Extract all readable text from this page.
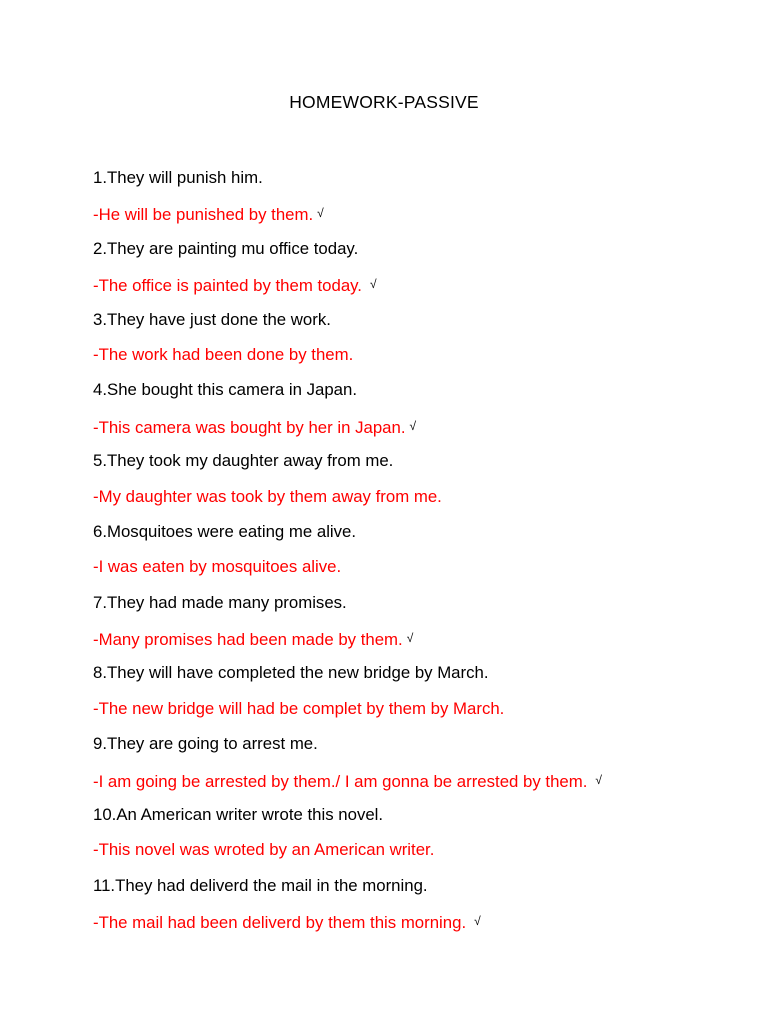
HOMEWORK-PASSIVE
1.They will punish him.
-He will be punished by them. √
2.They are painting mu office today.
-The office is painted by them today. √
3.They have just done the work.
-The work had been done by them.
4.She bought this camera in Japan.
-This camera was bought by her in Japan. √
5.They took my daughter away from me.
-My daughter was took by them away from me.
6.Mosquitoes were eating me alive.
-I was eaten by mosquitoes alive.
7.They had made many promises.
-Many promises had been made by them. √
8.They will have completed the new bridge by March.
-The new bridge will had be complet by them by March.
9.They are going to arrest me.
-I am going be arrested by them./ I am gonna be arrested by them. √
10.An American writer wrote this novel.
-This novel was wroted by an American writer.
11.They had deliverd the mail in the morning.
-The mail had been deliverd by them this morning. √
